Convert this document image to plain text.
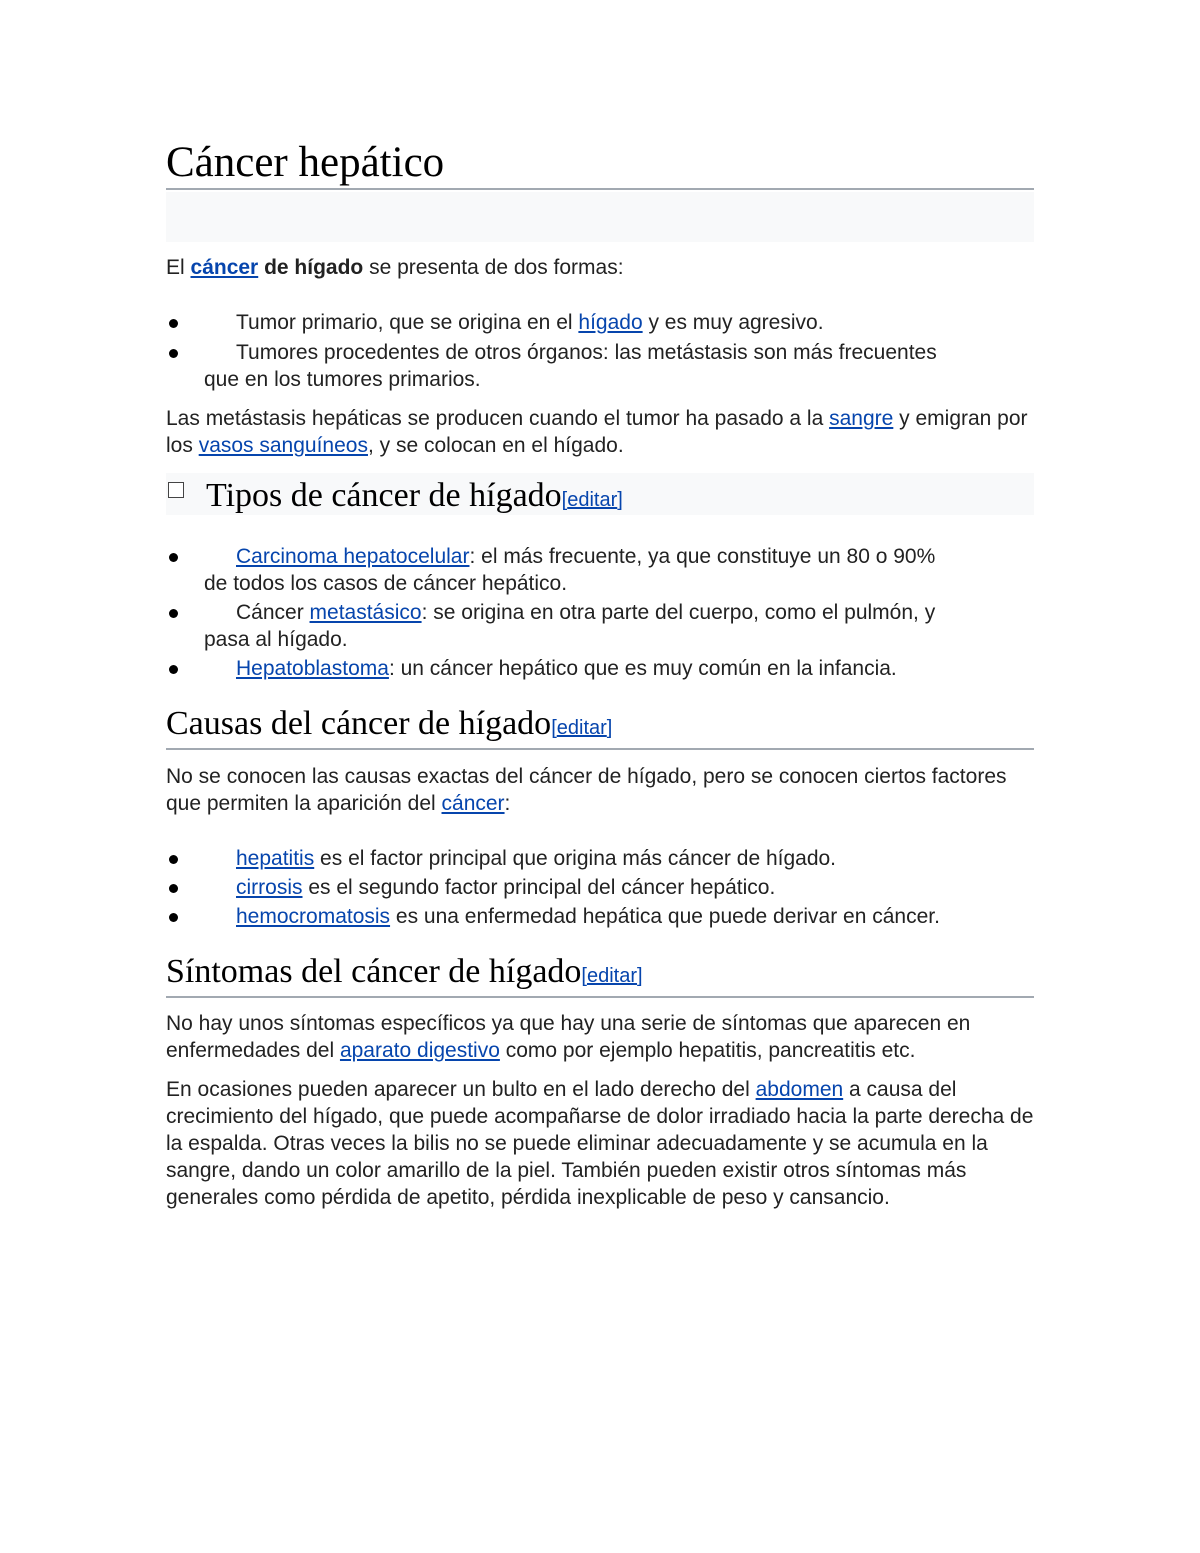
Cáncer hepático

El cáncer de hígado se presenta de dos formas:

Tumor primario, que se origina en el hígado y es muy agresivo.
Tumores procedentes de otros órganos: las metástasis son más frecuentes
que en los tumores primarios.

Las metástasis hepáticas se producen cuando el tumor ha pasado a la sangre y emigran por los vasos sanguíneos, y se colocan en el hígado.

Tipos de cáncer de hígado[editar]
Carcinoma hepatocelular: el más frecuente, ya que constituye un 80 o 90%
de todos los casos de cáncer hepático.
Cáncer metastásico: se origina en otra parte del cuerpo, como el pulmón, y
pasa al hígado.
Hepatoblastoma: un cáncer hepático que es muy común en la infancia.
Causas del cáncer de hígado[editar]

No se conocen las causas exactas del cáncer de hígado, pero se conocen ciertos factores que permiten la aparición del cáncer:

hepatitis es el factor principal que origina más cáncer de hígado.
cirrosis es el segundo factor principal del cáncer hepático.
hemocromatosis es una enfermedad hepática que puede derivar en cáncer.
Síntomas del cáncer de hígado[editar]

No hay unos síntomas específicos ya que hay una serie de síntomas que aparecen en enfermedades del aparato digestivo como por ejemplo hepatitis, pancreatitis etc.

En ocasiones pueden aparecer un bulto en el lado derecho del abdomen a causa del crecimiento del hígado, que puede acompañarse de dolor irradiado hacia la parte derecha de la espalda. Otras veces la bilis no se puede eliminar adecuadamente y se acumula en la sangre, dando un color amarillo de la piel. También pueden existir otros síntomas más generales como pérdida de apetito, pérdida inexplicable de peso y cansancio.
